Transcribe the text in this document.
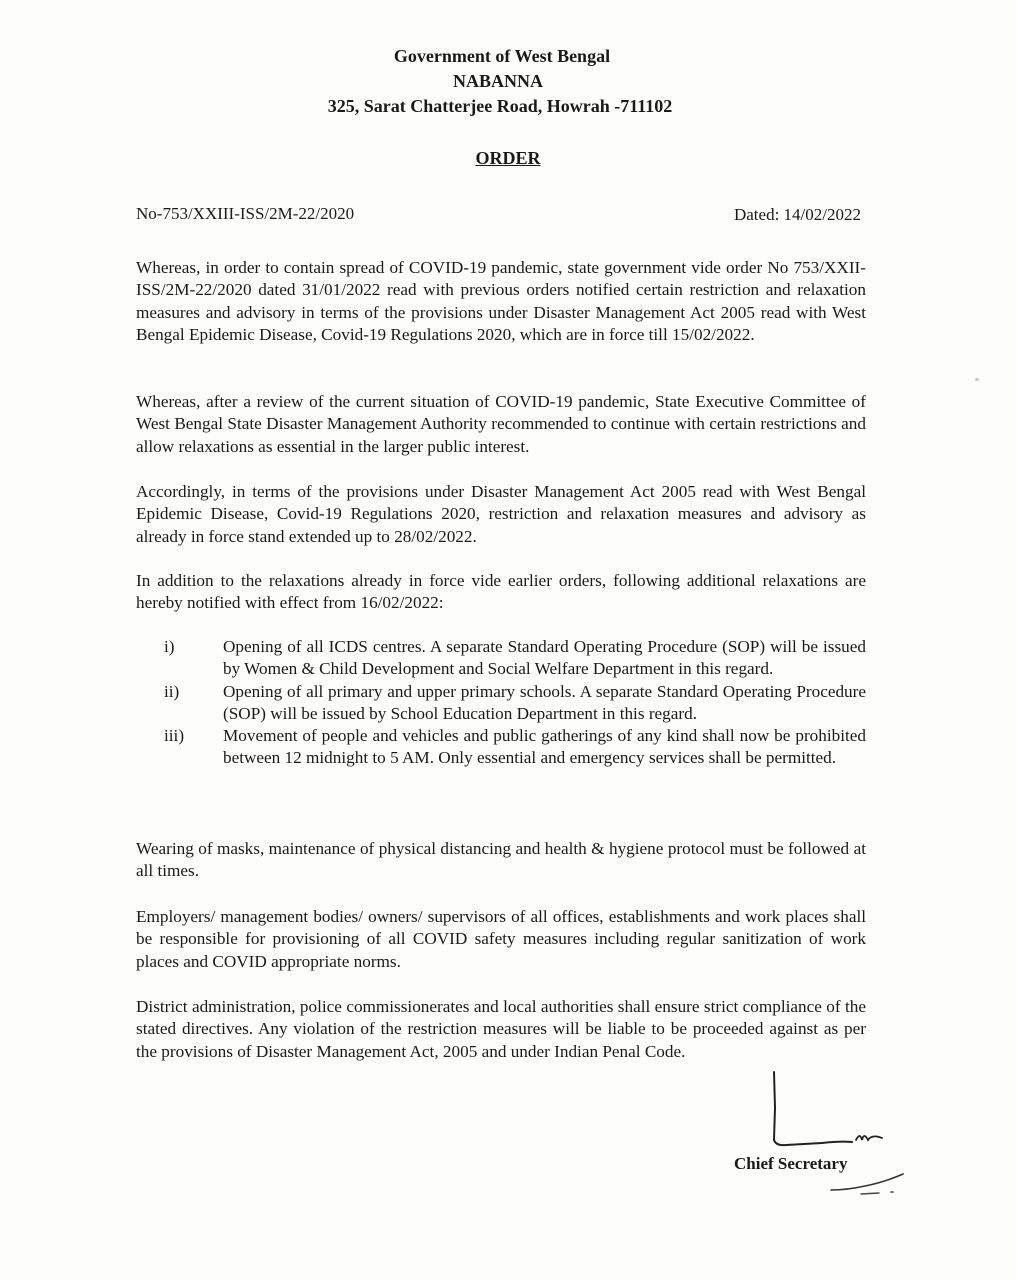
Government of West Bengal
NABANNA
325, Sarat Chatterjee Road, Howrah -711102
ORDER
No-753/XXIII-ISS/2M-22/2020	Dated: 14/02/2022
Whereas, in order to contain spread of COVID-19 pandemic, state government vide order No 753/XXII-ISS/2M-22/2020 dated 31/01/2022 read with previous orders notified certain restriction and relaxation measures and advisory in terms of the provisions under Disaster Management Act 2005 read with West Bengal Epidemic Disease, Covid-19 Regulations 2020, which are in force till 15/02/2022.
Whereas, after a review of the current situation of COVID-19 pandemic, State Executive Committee of West Bengal State Disaster Management Authority recommended to continue with certain restrictions and allow relaxations as essential in the larger public interest.
Accordingly, in terms of the provisions under Disaster Management Act 2005 read with West Bengal Epidemic Disease, Covid-19 Regulations 2020, restriction and relaxation measures and advisory as already in force stand extended up to 28/02/2022.
In addition to the relaxations already in force vide earlier orders, following additional relaxations are hereby notified with effect from 16/02/2022:
i)	Opening of all ICDS centres. A separate Standard Operating Procedure (SOP) will be issued by Women & Child Development and Social Welfare Department in this regard.
ii)	Opening of all primary and upper primary schools. A separate Standard Operating Procedure (SOP) will be issued by School Education Department in this regard.
iii) Movement of people and vehicles and public gatherings of any kind shall now be prohibited between 12 midnight to 5 AM. Only essential and emergency services shall be permitted.
Wearing of masks, maintenance of physical distancing and health & hygiene protocol must be followed at all times.
Employers/ management bodies/ owners/ supervisors of all offices, establishments and work places shall be responsible for provisioning of all COVID safety measures including regular sanitization of work places and COVID appropriate norms.
District administration, police commissionerates and local authorities shall ensure strict compliance of the stated directives. Any violation of the restriction measures will be liable to be proceeded against as per the provisions of Disaster Management Act, 2005 and under Indian Penal Code.
Chief Secretary
